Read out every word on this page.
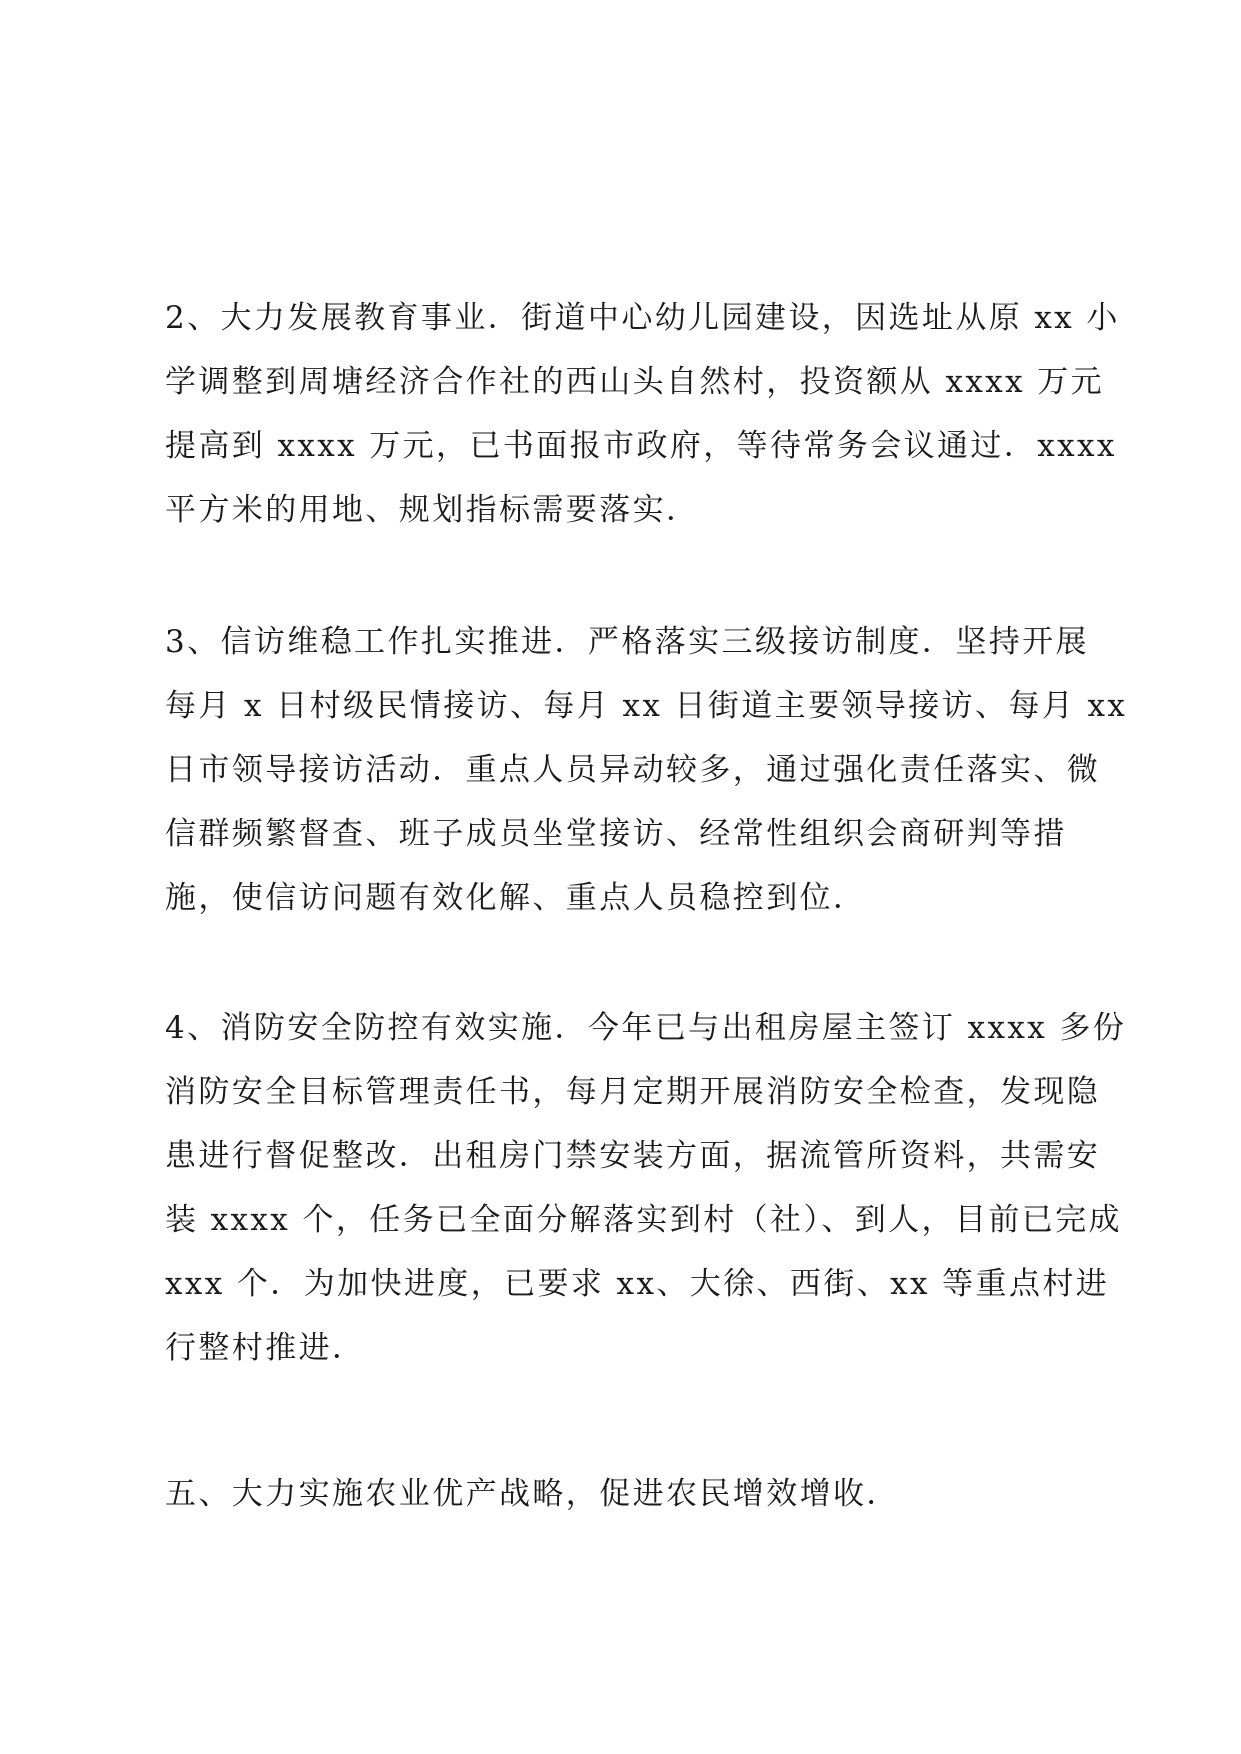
2、大力发展教育事业．街道中心幼儿园建设，因选址从原 xx 小
学调整到周塘经济合作社的西山头自然村，投资额从 xxxx 万元
提高到 xxxx 万元，已书面报市政府，等待常务会议通过．xxxx
平方米的用地、规划指标需要落实．
3、信访维稳工作扎实推进．严格落实三级接访制度．坚持开展
每月 x 日村级民情接访、每月 xx 日街道主要领导接访、每月 xx
日市领导接访活动．重点人员异动较多，通过强化责任落实、微
信群频繁督查、班子成员坐堂接访、经常性组织会商研判等措
施，使信访问题有效化解、重点人员稳控到位．
4、消防安全防控有效实施．今年已与出租房屋主签订 xxxx 多份
消防安全目标管理责任书，每月定期开展消防安全检查，发现隐
患进行督促整改．出租房门禁安装方面，据流管所资料，共需安
装 xxxx 个，任务已全面分解落实到村（社）、到人，目前已完成
xxx 个．为加快进度，已要求 xx、大徐、西街、xx 等重点村进
行整村推进．
五、大力实施农业优产战略，促进农民增效增收．
